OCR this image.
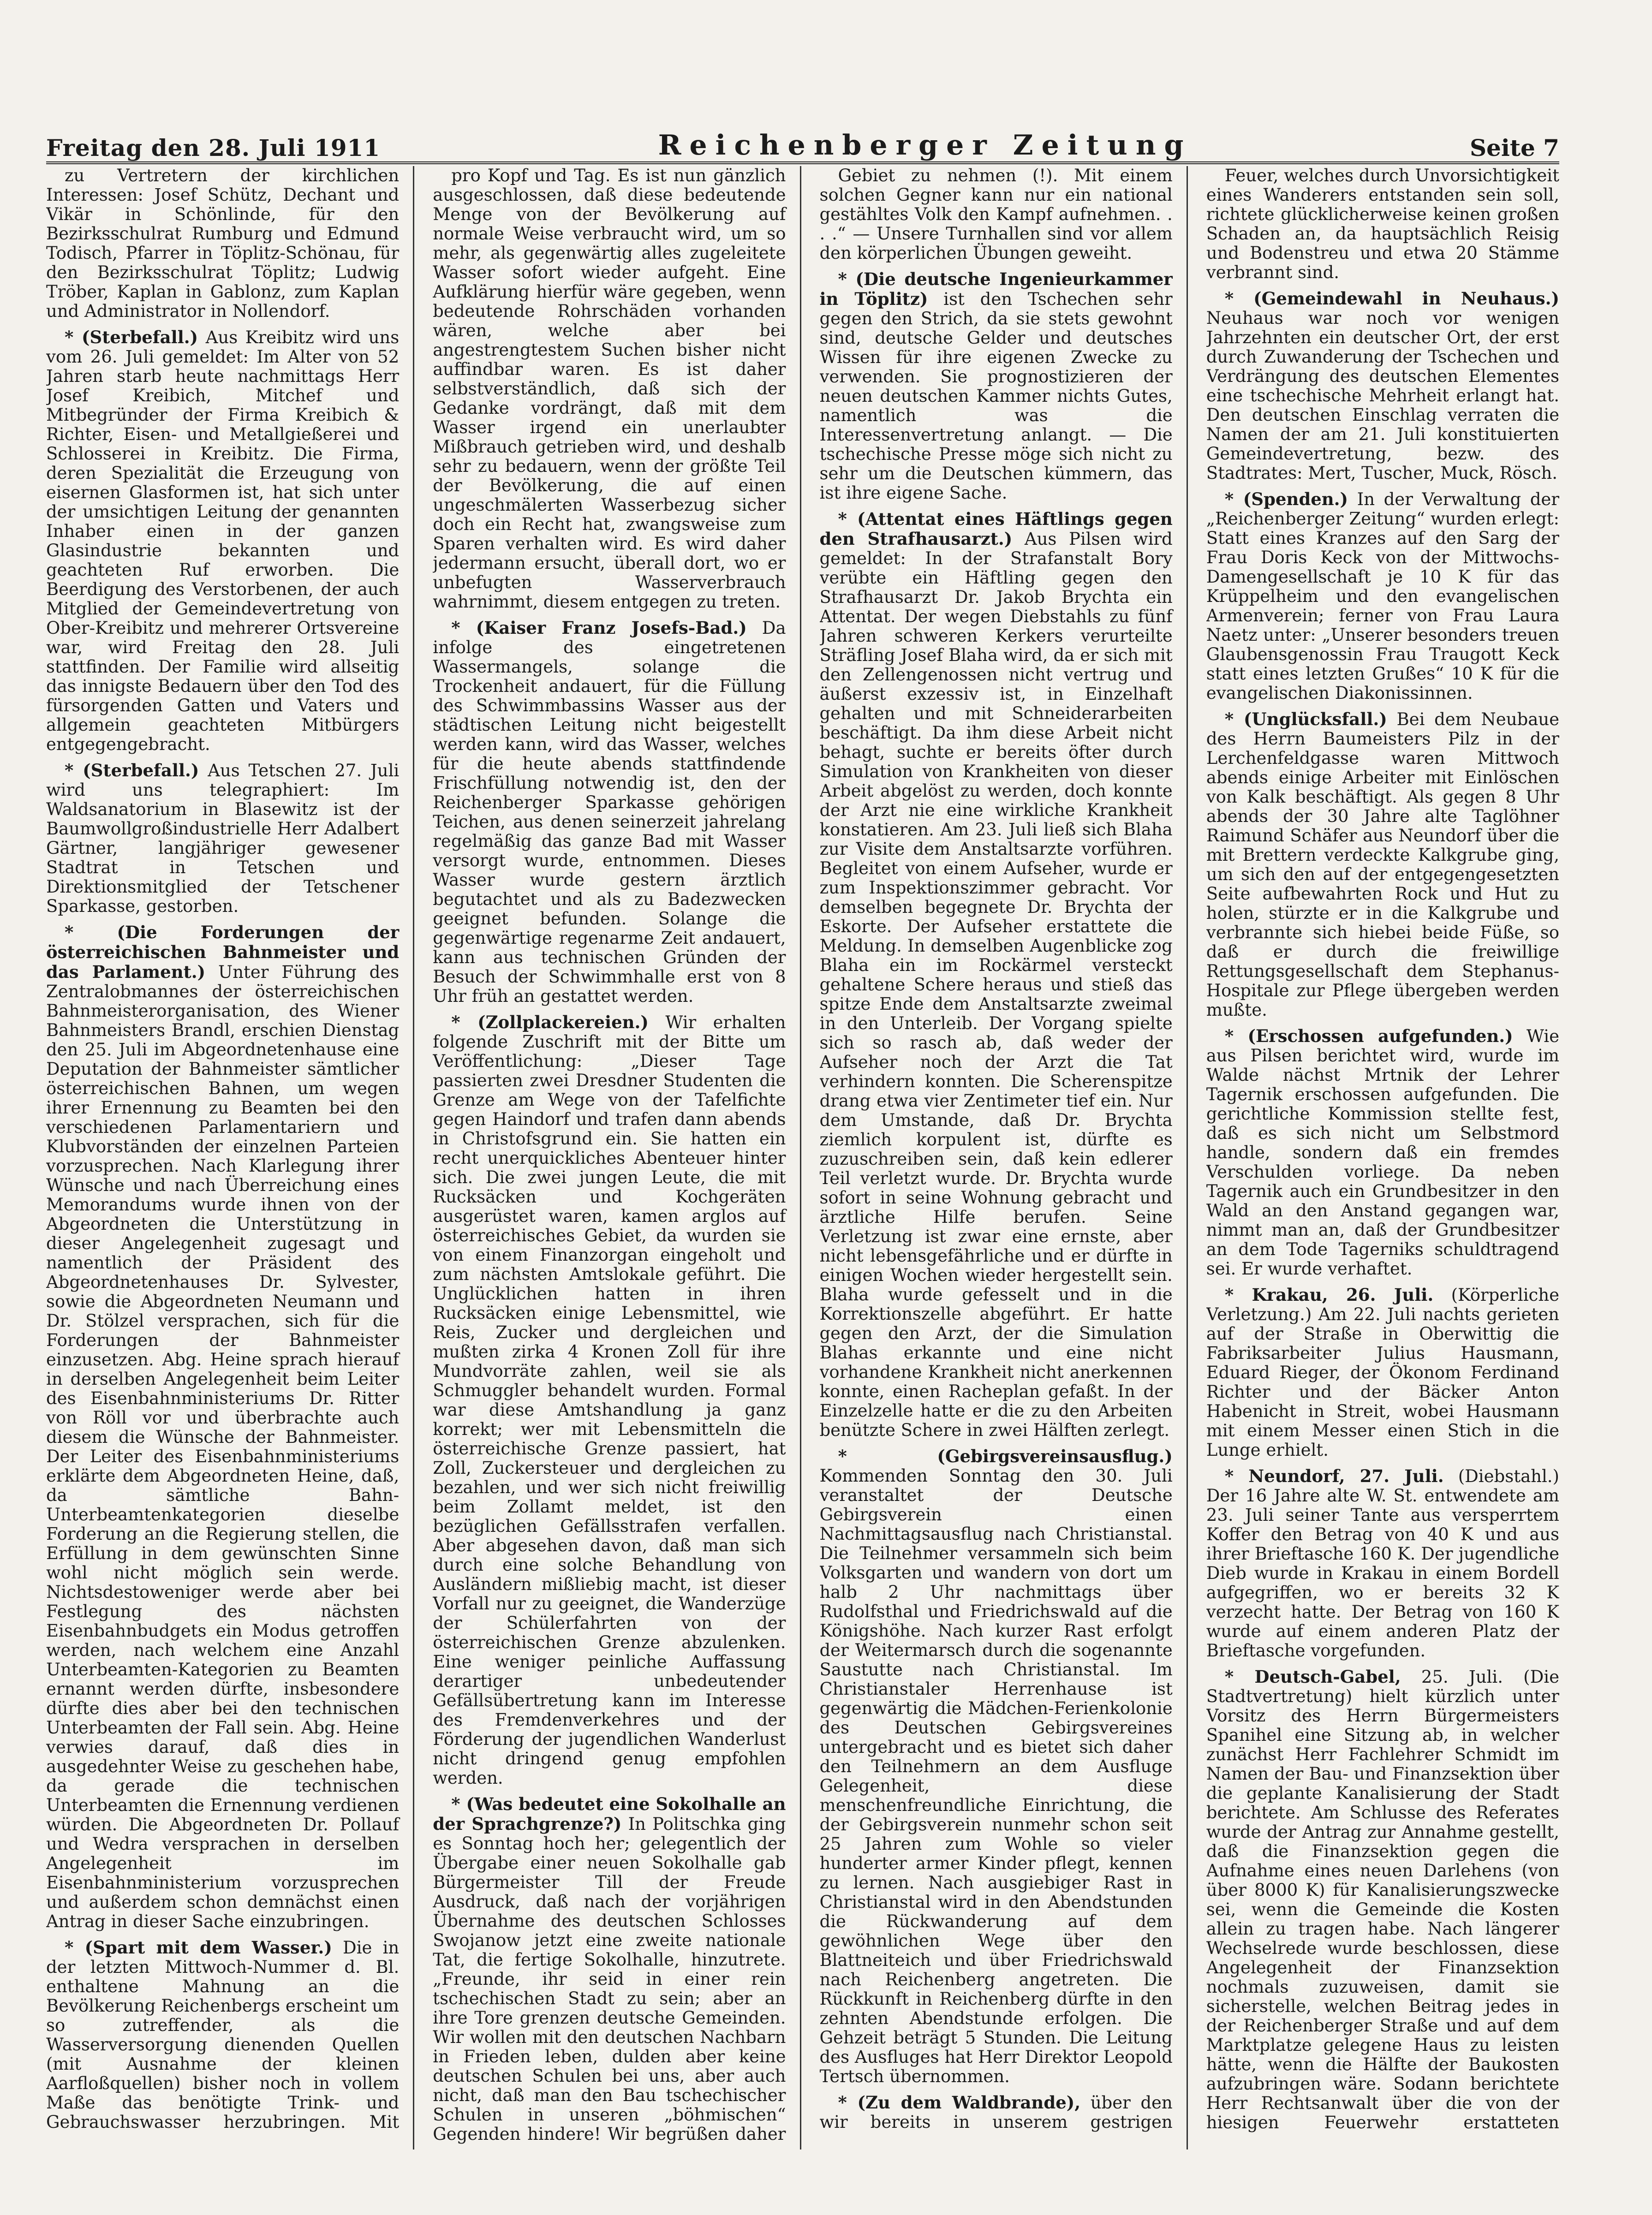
Freitag den 28. Juli 1911	Reichenberger Zeitung	Seite 7

zu Vertretern der kirchlichen Interessen: Josef Schütz, Dechant und Vikär in Schönlinde, für den Bezirksschulrat Rumburg und Edmund Todisch, Pfarrer in Töplitz-Schönau, für den Bezirksschulrat Töplitz; Ludwig Tröber, Kaplan in Gablonz, zum Kaplan und Administrator in Nollendorf.

* (Sterbefall.) Aus Kreibitz wird uns vom 26. Juli gemeldet: Im Alter von 52 Jahren starb heute nachmittags Herr Josef Kreibich, Mitchef und Mitbegründer der Firma Kreibich & Richter, Eisen- und Metallgießerei und Schlosserei in Kreibitz. Die Firma, deren Spezialität die Erzeugung von eisernen Glasformen ist, hat sich unter der umsichtigen Leitung der genannten Inhaber einen in der ganzen Glasindustrie bekannten und geachteten Ruf erworben. Die Beerdigung des Verstorbenen, der auch Mitglied der Gemeindevertretung von Ober-Kreibitz und mehrerer Ortsvereine war, wird Freitag den 28. Juli stattfinden. Der Familie wird allseitig das innigste Bedauern über den Tod des fürsorgenden Gatten und Vaters und allgemein geachteten Mitbürgers entgegengebracht.

* (Sterbefall.) Aus Tetschen 27. Juli wird uns telegraphiert: Im Waldsanatorium in Blasewitz ist der Baumwollgroßindustrielle Herr Adalbert Gärtner, langjähriger gewesener Stadtrat in Tetschen und Direktionsmitglied der Tetschener Sparkasse, gestorben.

* (Die Forderungen der österreichischen Bahnmeister und das Parlament.) Unter Führung des Zentralobmannes der österreichischen Bahnmeisterorganisation, des Wiener Bahnmeisters Brandl, erschien Dienstag den 25. Juli im Abgeordnetenhause eine Deputation der Bahnmeister sämtlicher österreichischen Bahnen, um wegen ihrer Ernennung zu Beamten bei den verschiedenen Parlamentariern und Klubvorständen der einzelnen Parteien vorzusprechen. Nach Klarlegung ihrer Wünsche und nach Überreichung eines Memorandums wurde ihnen von der Abgeordneten die Unterstützung in dieser Angelegenheit zugesagt und namentlich der Präsident des Abgeordnetenhauses Dr. Sylvester, sowie die Abgeordneten Neumann und Dr. Stölzel versprachen, sich für die Forderungen der Bahnmeister einzusetzen. Abg. Heine sprach hierauf in derselben Angelegenheit beim Leiter des Eisenbahnministeriums Dr. Ritter von Röll vor und überbrachte auch diesem die Wünsche der Bahnmeister. Der Leiter des Eisenbahnministeriums erklärte dem Abgeordneten Heine, daß, da sämtliche Bahn-Unterbeamtenkategorien dieselbe Forderung an die Regierung stellen, die Erfüllung in dem gewünschten Sinne wohl nicht möglich sein werde. Nichtsdestoweniger werde aber bei Festlegung des nächsten Eisenbahnbudgets ein Modus getroffen werden, nach welchem eine Anzahl Unterbeamten-Kategorien zu Beamten ernannt werden dürfte, insbesondere dürfte dies aber bei den technischen Unterbeamten der Fall sein. Abg. Heine verwies darauf, daß dies in ausgedehnter Weise zu geschehen habe, da gerade die technischen Unterbeamten die Ernennung verdienen würden. Die Abgeordneten Dr. Pollauf und Wedra versprachen in derselben Angelegenheit im Eisenbahnministerium vorzusprechen und außerdem schon demnächst einen Antrag in dieser Sache einzubringen.

* (Spart mit dem Wasser.) Die in der letzten Mittwoch-Nummer d. Bl. enthaltene Mahnung an die Bevölkerung Reichenbergs erscheint um so zutreffender, als die Wasserversorgung dienenden Quellen (mit Ausnahme der kleinen Aarfloßquellen) bisher noch in vollem Maße das benötigte Trink- und Gebrauchswasser herzubringen. Mit

pro Kopf und Tag. Es ist nun gänzlich ausgeschlossen, daß diese bedeutende Menge von der Bevölkerung auf normale Weise verbraucht wird, um so mehr, als gegenwärtig alles zugeleitete Wasser sofort wieder aufgeht. Eine Aufklärung hierfür wäre gegeben, wenn bedeutende Rohrschäden vorhanden wären, welche aber bei angestrengtestem Suchen bisher nicht auffindbar waren. Es ist daher selbstverständlich, daß sich der Gedanke vordrängt, daß mit dem Wasser irgend ein unerlaubter Mißbrauch getrieben wird, und deshalb sehr zu bedauern, wenn der größte Teil der Bevölkerung, die auf einen ungeschmälerten Wasserbezug sicher doch ein Recht hat, zwangsweise zum Sparen verhalten wird. Es wird daher jedermann ersucht, überall dort, wo er unbefugten Wasserverbrauch wahrnimmt, diesem entgegen zu treten.

* (Kaiser Franz Josefs-Bad.) Da infolge des eingetretenen Wassermangels, solange die Trockenheit andauert, für die Füllung des Schwimmbassins Wasser aus der städtischen Leitung nicht beigestellt werden kann, wird das Wasser, welches für die heute abends stattfindende Frischfüllung notwendig ist, den der Reichenberger Sparkasse gehörigen Teichen, aus denen seinerzeit jahrelang regelmäßig das ganze Bad mit Wasser versorgt wurde, entnommen. Dieses Wasser wurde gestern ärztlich begutachtet und als zu Badezwecken geeignet befunden. Solange die gegenwärtige regenarme Zeit andauert, kann aus technischen Gründen der Besuch der Schwimmhalle erst von 8 Uhr früh an gestattet werden.

* (Zollplackereien.) Wir erhalten folgende Zuschrift mit der Bitte um Veröffentlichung: „Dieser Tage passierten zwei Dresdner Studenten die Grenze am Wege von der Tafelfichte gegen Haindorf und trafen dann abends in Christofsgrund ein. Sie hatten ein recht unerquickliches Abenteuer hinter sich. Die zwei jungen Leute, die mit Rucksäcken und Kochgeräten ausgerüstet waren, kamen arglos auf österreichisches Gebiet, da wurden sie von einem Finanzorgan eingeholt und zum nächsten Amtslokale geführt. Die Unglücklichen hatten in ihren Rucksäcken einige Lebensmittel, wie Reis, Zucker und dergleichen und mußten zirka 4 Kronen Zoll für ihre Mundvorräte zahlen, weil sie als Schmuggler behandelt wurden. Formal war diese Amtshandlung ja ganz korrekt; wer mit Lebensmitteln die österreichische Grenze passiert, hat Zoll, Zuckersteuer und dergleichen zu bezahlen, und wer sich nicht freiwillig beim Zollamt meldet, ist den bezüglichen Gefällsstrafen verfallen. Aber abgesehen davon, daß man sich durch eine solche Behandlung von Ausländern mißliebig macht, ist dieser Vorfall nur zu geeignet, die Wanderzüge der Schülerfahrten von der österreichischen Grenze abzulenken. Eine weniger peinliche Auffassung derartiger unbedeutender Gefällsübertretung kann im Interesse des Fremdenverkehres und der Förderung der jugendlichen Wanderlust nicht dringend genug empfohlen werden.

* (Was bedeutet eine Sokolhalle an der Sprachgrenze?) In Politschka ging es Sonntag hoch her; gelegentlich der Übergabe einer neuen Sokolhalle gab Bürgermeister Till der Freude Ausdruck, daß nach der vorjährigen Übernahme des deutschen Schlosses Swojanow jetzt eine zweite nationale Tat, die fertige Sokolhalle, hinzutrete. „Freunde, ihr seid in einer rein tschechischen Stadt zu sein; aber an ihre Tore grenzen deutsche Gemeinden. Wir wollen mit den deutschen Nachbarn in Frieden leben, dulden aber keine deutschen Schulen bei uns, aber auch nicht, daß man den Bau tschechischer Schulen in unseren „böhmischen“ Gegenden hindere! Wir begrüßen daher

Gebiet zu nehmen (!). Mit einem solchen Gegner kann nur ein national gestähltes Volk den Kampf aufnehmen. . . .“ — Unsere Turnhallen sind vor allem den körperlichen Übungen geweiht.

* (Die deutsche Ingenieurkammer in Töplitz) ist den Tschechen sehr gegen den Strich, da sie stets gewohnt sind, deutsche Gelder und deutsches Wissen für ihre eigenen Zwecke zu verwenden. Sie prognostizieren der neuen deutschen Kammer nichts Gutes, namentlich was die Interessenvertretung anlangt. — Die tschechische Presse möge sich nicht zu sehr um die Deutschen kümmern, das ist ihre eigene Sache.

* (Attentat eines Häftlings gegen den Strafhausarzt.) Aus Pilsen wird gemeldet: In der Strafanstalt Bory verübte ein Häftling gegen den Strafhausarzt Dr. Jakob Brychta ein Attentat. Der wegen Diebstahls zu fünf Jahren schweren Kerkers verurteilte Sträfling Josef Blaha wird, da er sich mit den Zellengenossen nicht vertrug und äußerst exzessiv ist, in Einzelhaft gehalten und mit Schneiderarbeiten beschäftigt. Da ihm diese Arbeit nicht behagt, suchte er bereits öfter durch Simulation von Krankheiten von dieser Arbeit abgelöst zu werden, doch konnte der Arzt nie eine wirkliche Krankheit konstatieren. Am 23. Juli ließ sich Blaha zur Visite dem Anstaltsarzte vorführen. Begleitet von einem Aufseher, wurde er zum Inspektionszimmer gebracht. Vor demselben begegnete Dr. Brychta der Eskorte. Der Aufseher erstattete die Meldung. In demselben Augenblicke zog Blaha ein im Rockärmel versteckt gehaltene Schere heraus und stieß das spitze Ende dem Anstaltsarzte zweimal in den Unterleib. Der Vorgang spielte sich so rasch ab, daß weder der Aufseher noch der Arzt die Tat verhindern konnten. Die Scherenspitze drang etwa vier Zentimeter tief ein. Nur dem Umstande, daß Dr. Brychta ziemlich korpulent ist, dürfte es zuzuschreiben sein, daß kein edlerer Teil verletzt wurde. Dr. Brychta wurde sofort in seine Wohnung gebracht und ärztliche Hilfe berufen. Seine Verletzung ist zwar eine ernste, aber nicht lebensgefährliche und er dürfte in einigen Wochen wieder hergestellt sein. Blaha wurde gefesselt und in die Korrektionszelle abgeführt. Er hatte gegen den Arzt, der die Simulation Blahas erkannte und eine nicht vorhandene Krankheit nicht anerkennen konnte, einen Racheplan gefaßt. In der Einzelzelle hatte er die zu den Arbeiten benützte Schere in zwei Hälften zerlegt.

* (Gebirgsvereinsausflug.) Kommenden Sonntag den 30. Juli veranstaltet der Deutsche Gebirgsverein einen Nachmittagsausflug nach Christianstal. Die Teilnehmer versammeln sich beim Volksgarten und wandern von dort um halb 2 Uhr nachmittags über Rudolfsthal und Friedrichswald auf die Königshöhe. Nach kurzer Rast erfolgt der Weitermarsch durch die sogenannte Saustutte nach Christianstal. Im Christianstaler Herrenhause ist gegenwärtig die Mädchen-Ferienkolonie des Deutschen Gebirgsvereines untergebracht und es bietet sich daher den Teilnehmern an dem Ausfluge Gelegenheit, diese menschenfreundliche Einrichtung, die der Gebirgsverein nunmehr schon seit 25 Jahren zum Wohle so vieler hunderter armer Kinder pflegt, kennen zu lernen. Nach ausgiebiger Rast in Christianstal wird in den Abendstunden die Rückwanderung auf dem gewöhnlichen Wege über den Blattneiteich und über Friedrichswald nach Reichenberg angetreten. Die Rückkunft in Reichenberg dürfte in den zehnten Abendstunde erfolgen. Die Gehzeit beträgt 5 Stunden. Die Leitung des Ausfluges hat Herr Direktor Leopold Tertsch übernommen.

* (Zu dem Waldbrande), über den wir bereits in unserem gestrigen

Feuer, welches durch Unvorsichtigkeit eines Wanderers entstanden sein soll, richtete glücklicherweise keinen großen Schaden an, da hauptsächlich Reisig und Bodenstreu und etwa 20 Stämme verbrannt sind.

* (Gemeindewahl in Neuhaus.) Neuhaus war noch vor wenigen Jahrzehnten ein deutscher Ort, der erst durch Zuwanderung der Tschechen und Verdrängung des deutschen Elementes eine tschechische Mehrheit erlangt hat. Den deutschen Einschlag verraten die Namen der am 21. Juli konstituierten Gemeindevertretung, bezw. des Stadtrates: Mert, Tuscher, Muck, Rösch.

* (Spenden.) In der Verwaltung der „Reichenberger Zeitung“ wurden erlegt: Statt eines Kranzes auf den Sarg der Frau Doris Keck von der Mittwochs-Damengesellschaft je 10 K für das Krüppelheim und den evangelischen Armenverein; ferner von Frau Laura Naetz unter: „Unserer besonders treuen Glaubensgenossin Frau Traugott Keck statt eines letzten Grußes“ 10 K für die evangelischen Diakonissinnen.

* (Unglücksfall.) Bei dem Neubaue des Herrn Baumeisters Pilz in der Lerchenfeldgasse waren Mittwoch abends einige Arbeiter mit Einlöschen von Kalk beschäftigt. Als gegen 8 Uhr abends der 30 Jahre alte Taglöhner Raimund Schäfer aus Neundorf über die mit Brettern verdeckte Kalkgrube ging, um sich den auf der entgegengesetzten Seite aufbewahrten Rock und Hut zu holen, stürzte er in die Kalkgrube und verbrannte sich hiebei beide Füße, so daß er durch die freiwillige Rettungsgesellschaft dem Stephanus-Hospitale zur Pflege übergeben werden mußte.

* (Erschossen aufgefunden.) Wie aus Pilsen berichtet wird, wurde im Walde nächst Mrtnik der Lehrer Tagernik erschossen aufgefunden. Die gerichtliche Kommission stellte fest, daß es sich nicht um Selbstmord handle, sondern daß ein fremdes Verschulden vorliege. Da neben Tagernik auch ein Grundbesitzer in den Wald an den Anstand gegangen war, nimmt man an, daß der Grundbesitzer an dem Tode Tagerniks schuldtragend sei. Er wurde verhaftet.

* Krakau, 26. Juli. (Körperliche Verletzung.) Am 22. Juli nachts gerieten auf der Straße in Oberwittig die Fabriksarbeiter Julius Hausmann, Eduard Rieger, der Ökonom Ferdinand Richter und der Bäcker Anton Habenicht in Streit, wobei Hausmann mit einem Messer einen Stich in die Lunge erhielt.

* Neundorf, 27. Juli. (Diebstahl.) Der 16 Jahre alte W. St. entwendete am 23. Juli seiner Tante aus versperrtem Koffer den Betrag von 40 K und aus ihrer Brieftasche 160 K. Der jugendliche Dieb wurde in Krakau in einem Bordell aufgegriffen, wo er bereits 32 K verzecht hatte. Der Betrag von 160 K wurde auf einem anderen Platz der Brieftasche vorgefunden.

* Deutsch-Gabel, 25. Juli. (Die Stadtvertretung) hielt kürzlich unter Vorsitz des Herrn Bürgermeisters Spanihel eine Sitzung ab, in welcher zunächst Herr Fachlehrer Schmidt im Namen der Bau- und Finanzsektion über die geplante Kanalisierung der Stadt berichtete. Am Schlusse des Referates wurde der Antrag zur Annahme gestellt, daß die Finanzsektion gegen die Aufnahme eines neuen Darlehens (von über 8000 K) für Kanalisierungszwecke sei, wenn die Gemeinde die Kosten allein zu tragen habe. Nach längerer Wechselrede wurde beschlossen, diese Angelegenheit der Finanzsektion nochmals zuzuweisen, damit sie sicherstelle, welchen Beitrag jedes in der Reichenberger Straße und auf dem Marktplatze gelegene Haus zu leisten hätte, wenn die Hälfte der Baukosten aufzubringen wäre. Sodann berichtete Herr Rechtsanwalt über die von der hiesigen Feuerwehr erstatteten
